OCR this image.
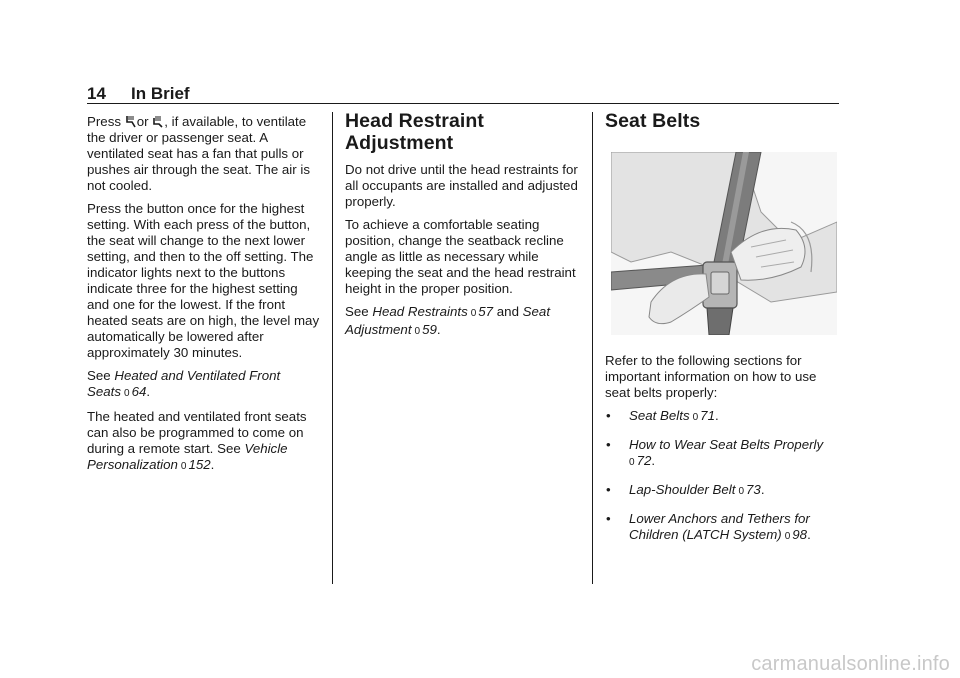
14 In Brief

Press or , if available, to ventilate the driver or passenger seat. A ventilated seat has a fan that pulls or pushes air through the seat. The air is not cooled.

Press the button once for the highest setting. With each press of the button, the seat will change to the next lower setting, and then to the off setting. The indicator lights next to the buttons indicate three for the highest setting and one for the lowest. If the front heated seats are on high, the level may automatically be lowered after approximately 30 minutes.

See Heated and Ventilated Front Seats 0 64.

The heated and ventilated front seats can also be programmed to come on during a remote start. See Vehicle Personalization 0 152.

Head Restraint Adjustment

Do not drive until the head restraints for all occupants are installed and adjusted properly.

To achieve a comfortable seating position, change the seatback recline angle as little as necessary while keeping the seat and the head restraint height in the proper position.

See Head Restraints 0 57 and Seat Adjustment 0 59.

Seat Belts

Refer to the following sections for important information on how to use seat belts properly:

• Seat Belts 0 71.
• How to Wear Seat Belts Properly
0 72.
• Lap-Shoulder Belt 0 73.
• Lower Anchors and Tethers for Children (LATCH System) 0 98.
carmanualsonline.info
